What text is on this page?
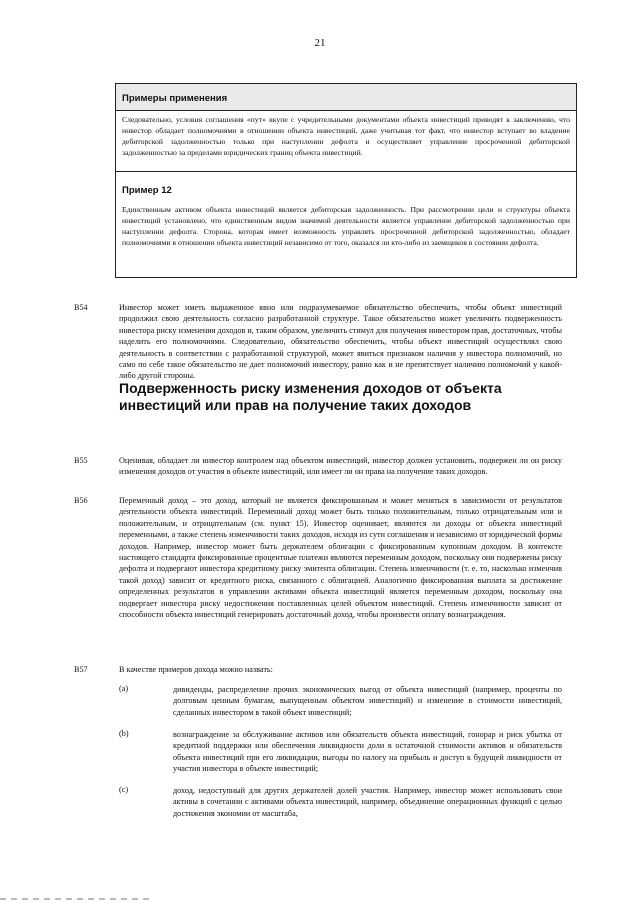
21
Примеры применения
Следовательно, условия соглашения «пут» вкупе с учредительными документами объекта инвестиций приводят к заключению, что инвестор обладает полномочиями в отношении объекта инвестиций, даже учитывая тот факт, что инвестор вступает во владение дебиторской задолженностью только при наступлении дефолта и осуществляет управление просроченной дебиторской задолженностью за пределами юридических границ объекта инвестиций.
Пример 12
Единственным активом объекта инвестиций является дебиторская задолженность. При рассмотрении цели и структуры объекта инвестиций установлено, что единственным видом значимой деятельности является управление дебиторской задолженностью при наступлении дефолта. Сторона, которая имеет возможность управлять просроченной дебиторской задолженностью, обладает полномочиями в отношении объекта инвестиций независимо от того, оказался ли кто-либо из заемщиков в состоянии дефолта.
B54	Инвестор может иметь выраженное явно или подразумеваемое обязательство обеспечить, чтобы объект инвестиций продолжил свою деятельность согласно разработанной структуре. Такое обязательство может увеличить подверженность инвестора риску изменения доходов и, таким образом, увеличить стимул для получения инвестором прав, достаточных, чтобы наделить его полномочиями. Следовательно, обязательство обеспечить, чтобы объект инвестиций осуществлял свою деятельность в соответствии с разработанной структурой, может явиться признаком наличия у инвестора полномочий, но само по себе такое обязательство не дает полномочий инвестору, равно как и не препятствует наличию полномочий у какой-либо другой стороны.
Подверженность риску изменения доходов от объекта инвестиций или прав на получение таких доходов
B55	Оценивая, обладает ли инвестор контролем над объектом инвестиций, инвестор должен установить, подвержен ли он риску изменения доходов от участия в объекте инвестиций, или имеет ли он права на получение таких доходов.
B56	Переменный доход – это доход, который не является фиксированным и может меняться в зависимости от результатов деятельности объекта инвестиций. Переменный доход может быть только положительным, только отрицательным или и положительным, и отрицательным (см. пункт 15). Инвестор оценивает, являются ли доходы от объекта инвестиций переменными, а также степень изменчивости таких доходов, исходя из сути соглашения и независимо от юридической формы доходов. Например, инвестор может быть держателем облигации с фиксированным купонным доходом. В контексте настоящего стандарта фиксированные процентные платежи являются переменным доходом, поскольку они подвержены риску дефолта и подвергают инвестора кредитному риску эмитента облигации. Степень изменчивости (т. е. то, насколько изменчив такой доход) зависит от кредитного риска, связанного с облигацией. Аналогично фиксированная выплата за достижение определенных результатов в управлении активами объекта инвестиций является переменным доходом, поскольку она подвергает инвестора риску недостижения поставленных целей объектом инвестиций. Степень изменчивости зависит от способности объекта инвестиций генерировать достаточный доход, чтобы произвести оплату вознаграждения.
B57	В качестве примеров дохода можно назвать:
(a)	дивиденды, распределение прочих экономических выгод от объекта инвестиций (например, проценты по долговым ценным бумагам, выпущенным объектом инвестиций) и изменение в стоимости инвестиций, сделанных инвестором в такой объект инвестиций;
(b)	вознаграждение за обслуживание активов или обязательств объекта инвестиций, гонорар и риск убытка от кредитной поддержки или обеспечения ликвидности доли в остаточной стоимости активов и обязательств объекта инвестиций при его ликвидации, выгоды по налогу на прибыль и доступ к будущей ликвидности от участия инвестора в объекте инвестиций;
(c)	доход, недоступный для других держателей долей участия. Например, инвестор может использовать свои активы в сочетании с активами объекта инвестиций, например, объединение операционных функций с целью достижения экономии от масштаба,
